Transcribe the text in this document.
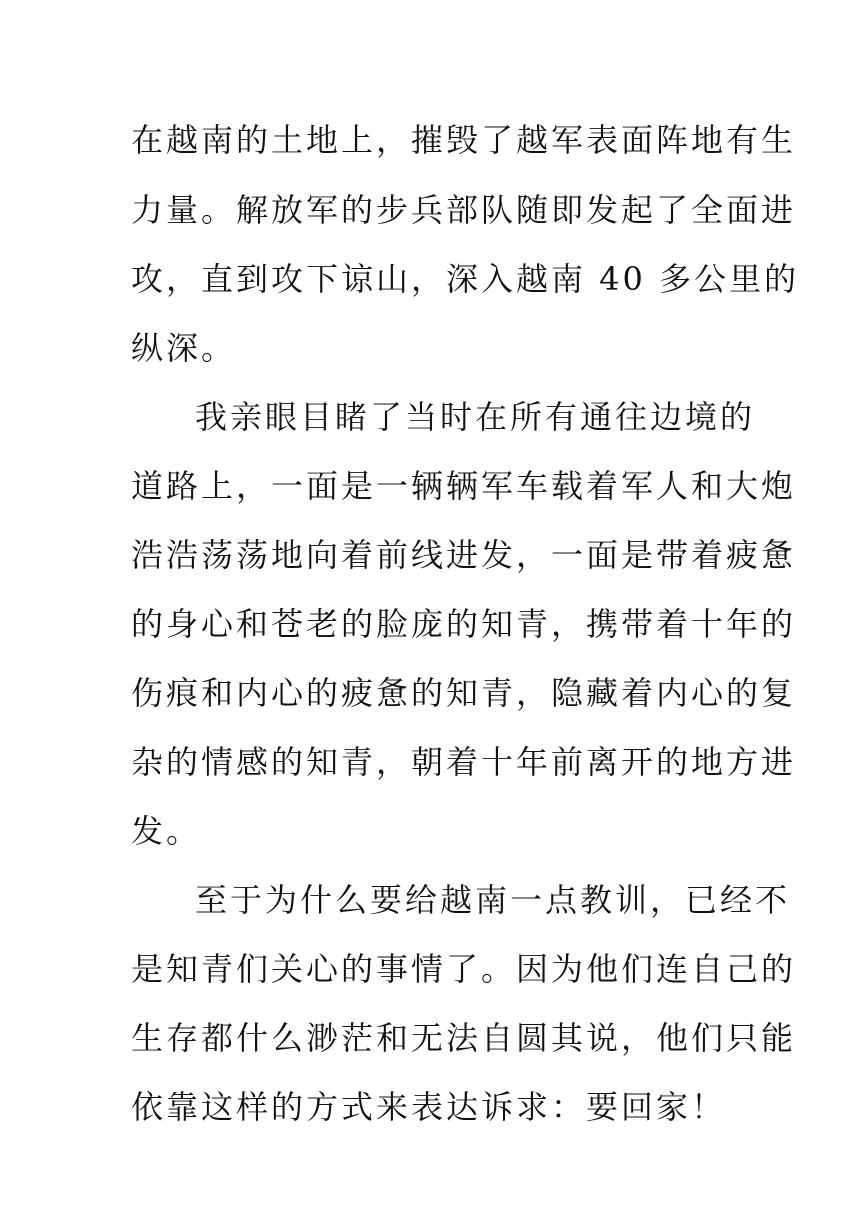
在越南的土地上，摧毁了越军表面阵地有生
力量。解放军的步兵部队随即发起了全面进
攻，直到攻下谅山，深入越南 40 多公里的
纵深。
我亲眼目睹了当时在所有通往边境的
道路上，一面是一辆辆军车载着军人和大炮
浩浩荡荡地向着前线进发，一面是带着疲惫
的身心和苍老的脸庞的知青，携带着十年的
伤痕和内心的疲惫的知青，隐藏着内心的复
杂的情感的知青，朝着十年前离开的地方进
发。
至于为什么要给越南一点教训，已经不
是知青们关心的事情了。因为他们连自己的
生存都什么渺茫和无法自圆其说，他们只能
依靠这样的方式来表达诉求：要回家！
